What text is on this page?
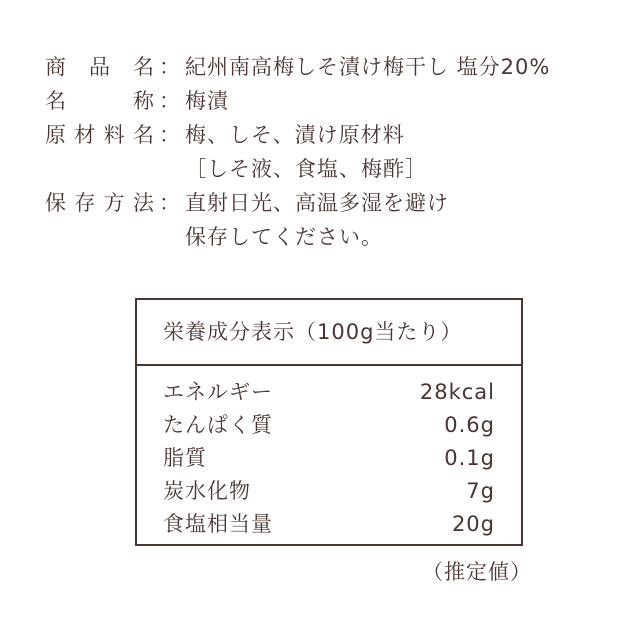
商 品 名 ： 紀州南高梅しそ漬け梅干し 塩分20%
名	称 ： 梅漬
原 材 料 名 ： 梅、しそ、漬け原材料
［しそ液、食塩、梅酢］
保 存 方 法 ： 直射日光、高温多湿を避け
保存してください。
栄養成分表示（100g当たり）
エネルギー	28kcal
たんぱく質	0.6g
脂質	0.1g
炭水化物	7g
食塩相当量	20g
（推定値）
